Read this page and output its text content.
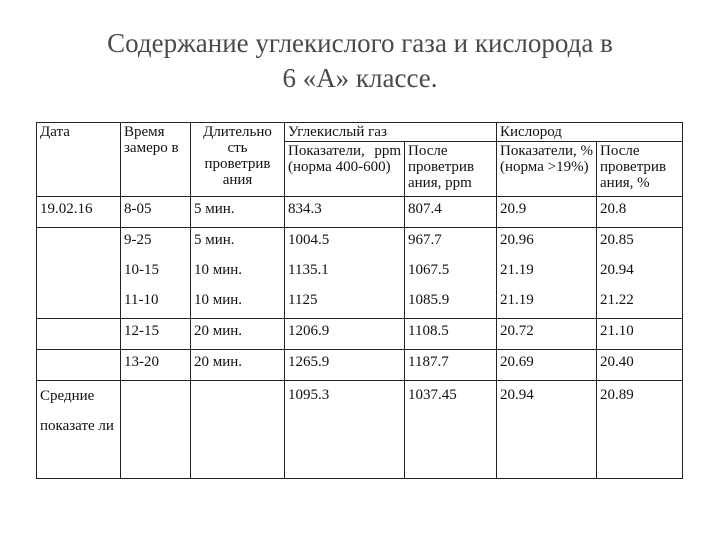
Содержание углекислого газа и кислорода в
6 «А» классе.
Дата	Время замеро в	Длительно сть проветрив ания	Углекислый газ		Кислород	
			Показатели, ppm (норма 400-600)	После проветрив ания, ppm	Показатели, % (норма >19%)	После проветрив ания, %
19.02.16	8-05	5 мин.	834.3	807.4	20.9	20.8
	9-25	5 мин.	1004.5	967.7	20.96	20.85
	10-15	10 мин.	1135.1	1067.5	21.19	20.94
	11-10	10 мин.	1125	1085.9	21.19	21.22
	12-15	20 мин.	1206.9	1108.5	20.72	21.10
	13-20	20 мин.	1265.9	1187.7	20.69	20.40
Средние показате ли			1095.3	1037.45	20.94	20.89
